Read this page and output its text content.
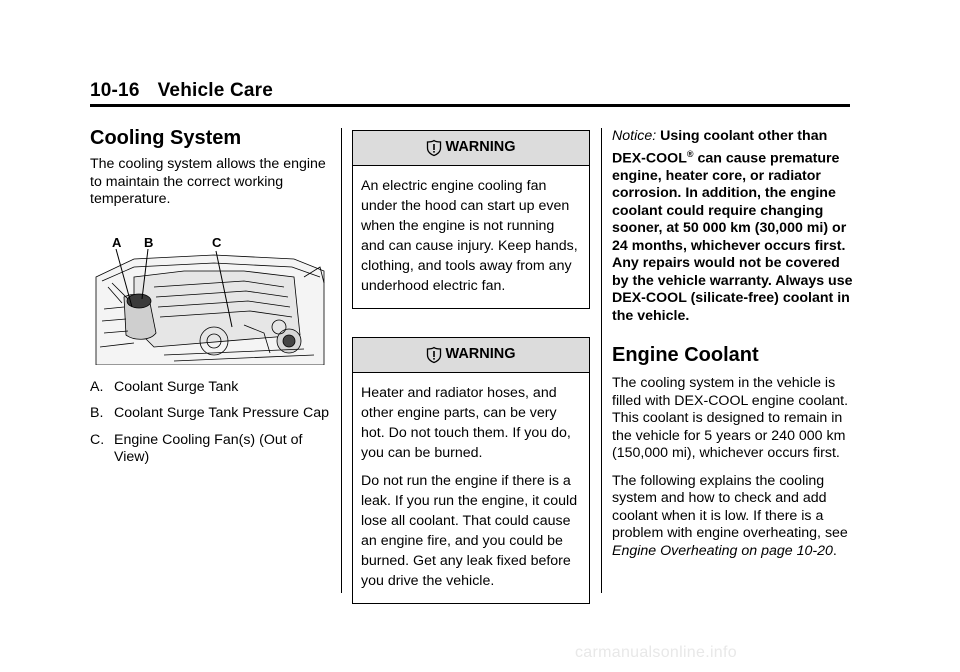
10-16 Vehicle Care
Cooling System

The cooling system allows the engine to maintain the correct working temperature.

A B	C
A. Coolant Surge Tank
B. Coolant Surge Tank Pressure Cap
C. Engine Cooling Fan(s) (Out of View)
WARNING

An electric engine cooling fan under the hood can start up even when the engine is not running and can cause injury. Keep hands, clothing, and tools away from any underhood electric fan.

WARNING

Heater and radiator hoses, and other engine parts, can be very hot. Do not touch them. If you do, you can be burned.

Do not run the engine if there is a leak. If you run the engine, it could lose all coolant. That could cause an engine fire, and you could be burned. Get any leak fixed before you drive the vehicle.

Notice: Using coolant other than DEX-COOL® can cause premature engine, heater core, or radiator corrosion. In addition, the engine coolant could require changing sooner, at 50 000 km (30,000 mi) or 24 months, whichever occurs first. Any repairs would not be covered by the vehicle warranty. Always use DEX-COOL (silicate-free) coolant in the vehicle.

Engine Coolant

The cooling system in the vehicle is filled with DEX-COOL engine coolant. This coolant is designed to remain in the vehicle for 5 years or 240 000 km (150,000 mi), whichever occurs first.

The following explains the cooling system and how to check and add coolant when it is low. If there is a problem with engine overheating, see Engine Overheating on page 10-20.

carmanualsonline.info
